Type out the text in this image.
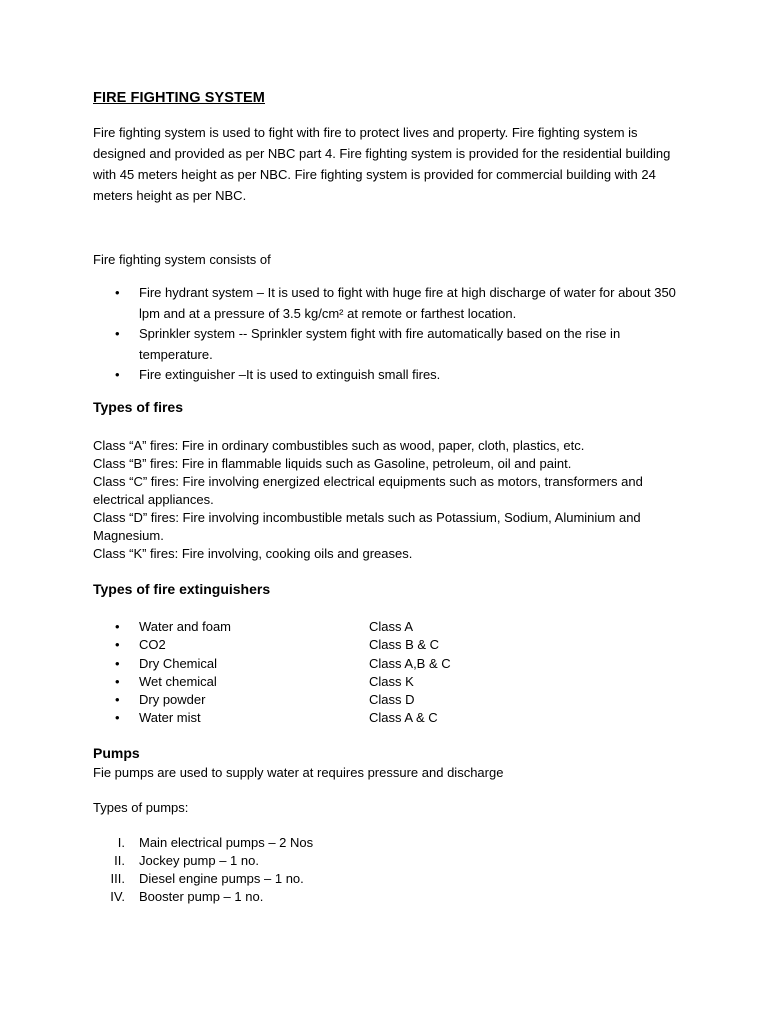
FIRE FIGHTING SYSTEM

Fire fighting system is used to fight with fire to protect lives and property. Fire fighting system is designed and provided as per NBC part 4. Fire fighting system is provided for the residential building with 45 meters height as per NBC. Fire fighting system is provided for commercial building with 24 meters height as per NBC.

Fire fighting system consists of

• Fire hydrant system – It is used to fight with huge fire at high discharge of water for about 350 lpm and at a pressure of 3.5 kg/cm² at remote or farthest location.
• Sprinkler system -- Sprinkler system fight with fire automatically based on the rise in temperature.
• Fire extinguisher –It is used to extinguish small fires.
Types of fires
Class “A” fires: Fire in ordinary combustibles such as wood, paper, cloth, plastics, etc.
Class “B” fires: Fire in flammable liquids such as Gasoline, petroleum, oil and paint.
Class “C” fires: Fire involving energized electrical equipments such as motors, transformers and electrical appliances.
Class “D” fires: Fire involving incombustible metals such as Potassium, Sodium, Aluminium and Magnesium.
Class “K” fires: Fire involving, cooking oils and greases.
Types of fire extinguishers
• Water and foam	Class A
• CO2	Class B & C
• Dry Chemical	Class A,B & C
• Wet chemical	Class K
• Dry powder	Class D
• Water mist	Class A & C
Pumps

Fie pumps are used to supply water at requires pressure and discharge

Types of pumps:

I. Main electrical pumps – 2 Nos
II. Jockey pump – 1 no.
III. Diesel engine pumps – 1 no.
IV. Booster pump – 1 no.
